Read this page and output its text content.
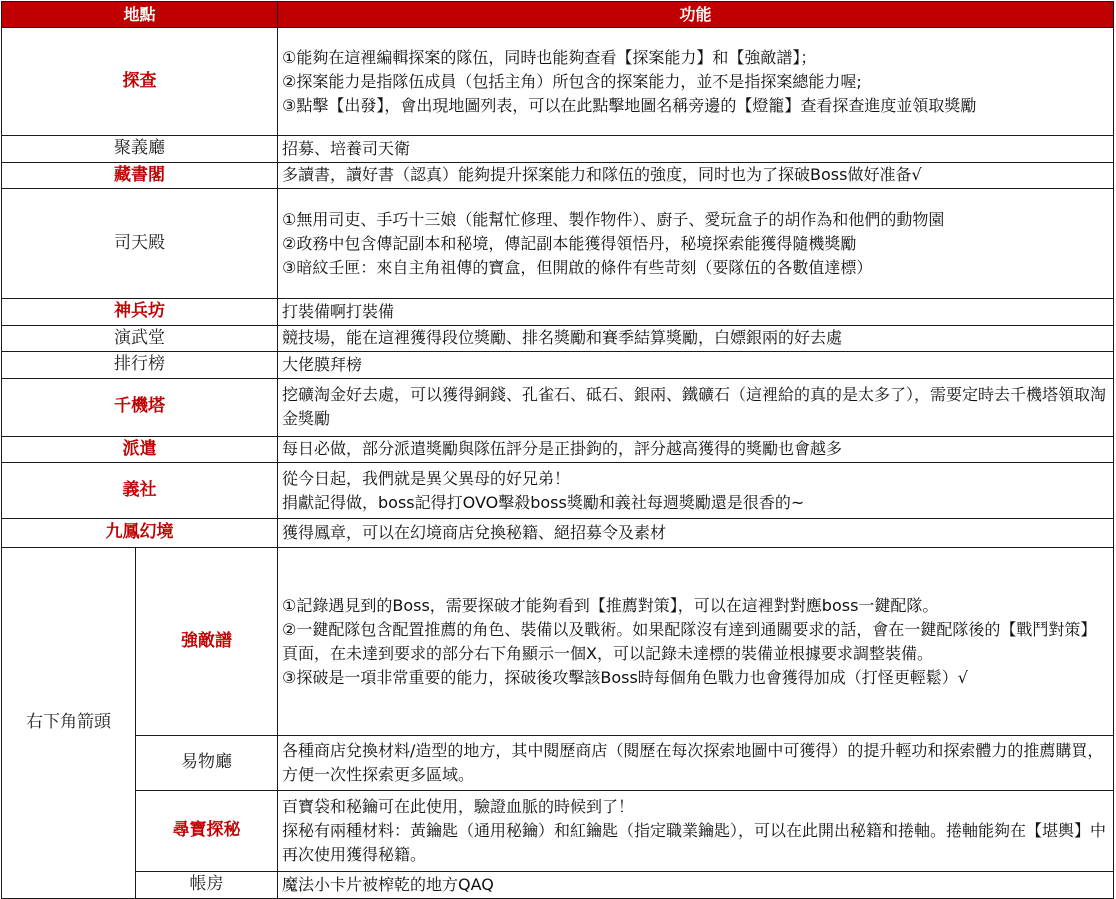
地點		功能
探查		①能夠在這裡編輯探案的隊伍，同時也能夠查看【探案能力】和【強敵譜】；
②探案能力是指隊伍成員（包括主角）所包含的探案能力，並不是指探案總能力喔;
③點擊【出發】，會出現地圖列表，可以在此點擊地圖名稱旁邊的【燈籠】查看探查進度並領取獎勵

聚義廳		招募、培養司天衛

藏書閣		多讀書，讀好書（認真）能夠提升探案能力和隊伍的強度，同时也为了探破Boss做好准备√

司天殿		①無用司吏、手巧十三娘（能幫忙修理、製作物件）、廚子、愛玩盒子的胡作為和他們的動物園
②政務中包含傳記副本和秘境，傳記副本能獲得領悟丹，秘境探索能獲得隨機獎勵
③暗紋壬匣：來自主角祖傳的寶盒，但開啟的條件有些苛刻（要隊伍的各數值達標）

神兵坊		打裝備啊打裝備

演武堂		競技場，能在這裡獲得段位獎勵、排名獎勵和賽季結算獎勵，白嫖銀兩的好去處

排行榜		大佬膜拜榜

千機塔		挖礦淘金好去處，可以獲得銅錢、孔雀石、砥石、銀兩、鐵礦石（這裡給的真的是太多了），需要定時去千機塔領取淘金獎勵

派遣		每日必做，部分派遣獎勵與隊伍評分是正掛鉤的，評分越高獲得的獎勵也會越多

義社		從今日起，我們就是異父異母的好兄弟！
捐獻記得做，boss記得打OVO擊殺boss獎勵和義社每週獎勵還是很香的~

九鳳幻境		獲得鳳章，可以在幻境商店兌換秘籍、絕招募令及素材

右下角箭頭	強敵譜	①記錄遇見到的Boss，需要探破才能夠看到【推薦對策】，可以在這裡對對應boss一鍵配隊。
②一鍵配隊包含配置推薦的角色、裝備以及戰術。如果配隊沒有達到通關要求的話，會在一鍵配隊後的【戰鬥對策】頁面，在未達到要求的部分右下角顯示一個X，可以記錄未達標的裝備並根據要求調整裝備。
③探破是一項非常重要的能力，探破後攻擊該Boss時每個角色戰力也會獲得加成（打怪更輕鬆）√

	易物廳	各種商店兌換材料/造型的地方，其中閱歷商店（閱歷在每次探索地圖中可獲得）的提升輕功和探索體力的推薦購買，方便一次性探索更多區域。

	尋寶探秘	百寶袋和秘鑰可在此使用，驗證血脈的時候到了！
探秘有兩種材料：黃鑰匙（通用秘鑰）和紅鑰匙（指定職業鑰匙），可以在此開出秘籍和捲軸。捲軸能夠在【堪輿】中再次使用獲得秘籍。

	帳房	魔法小卡片被榨乾的地方QAQ
